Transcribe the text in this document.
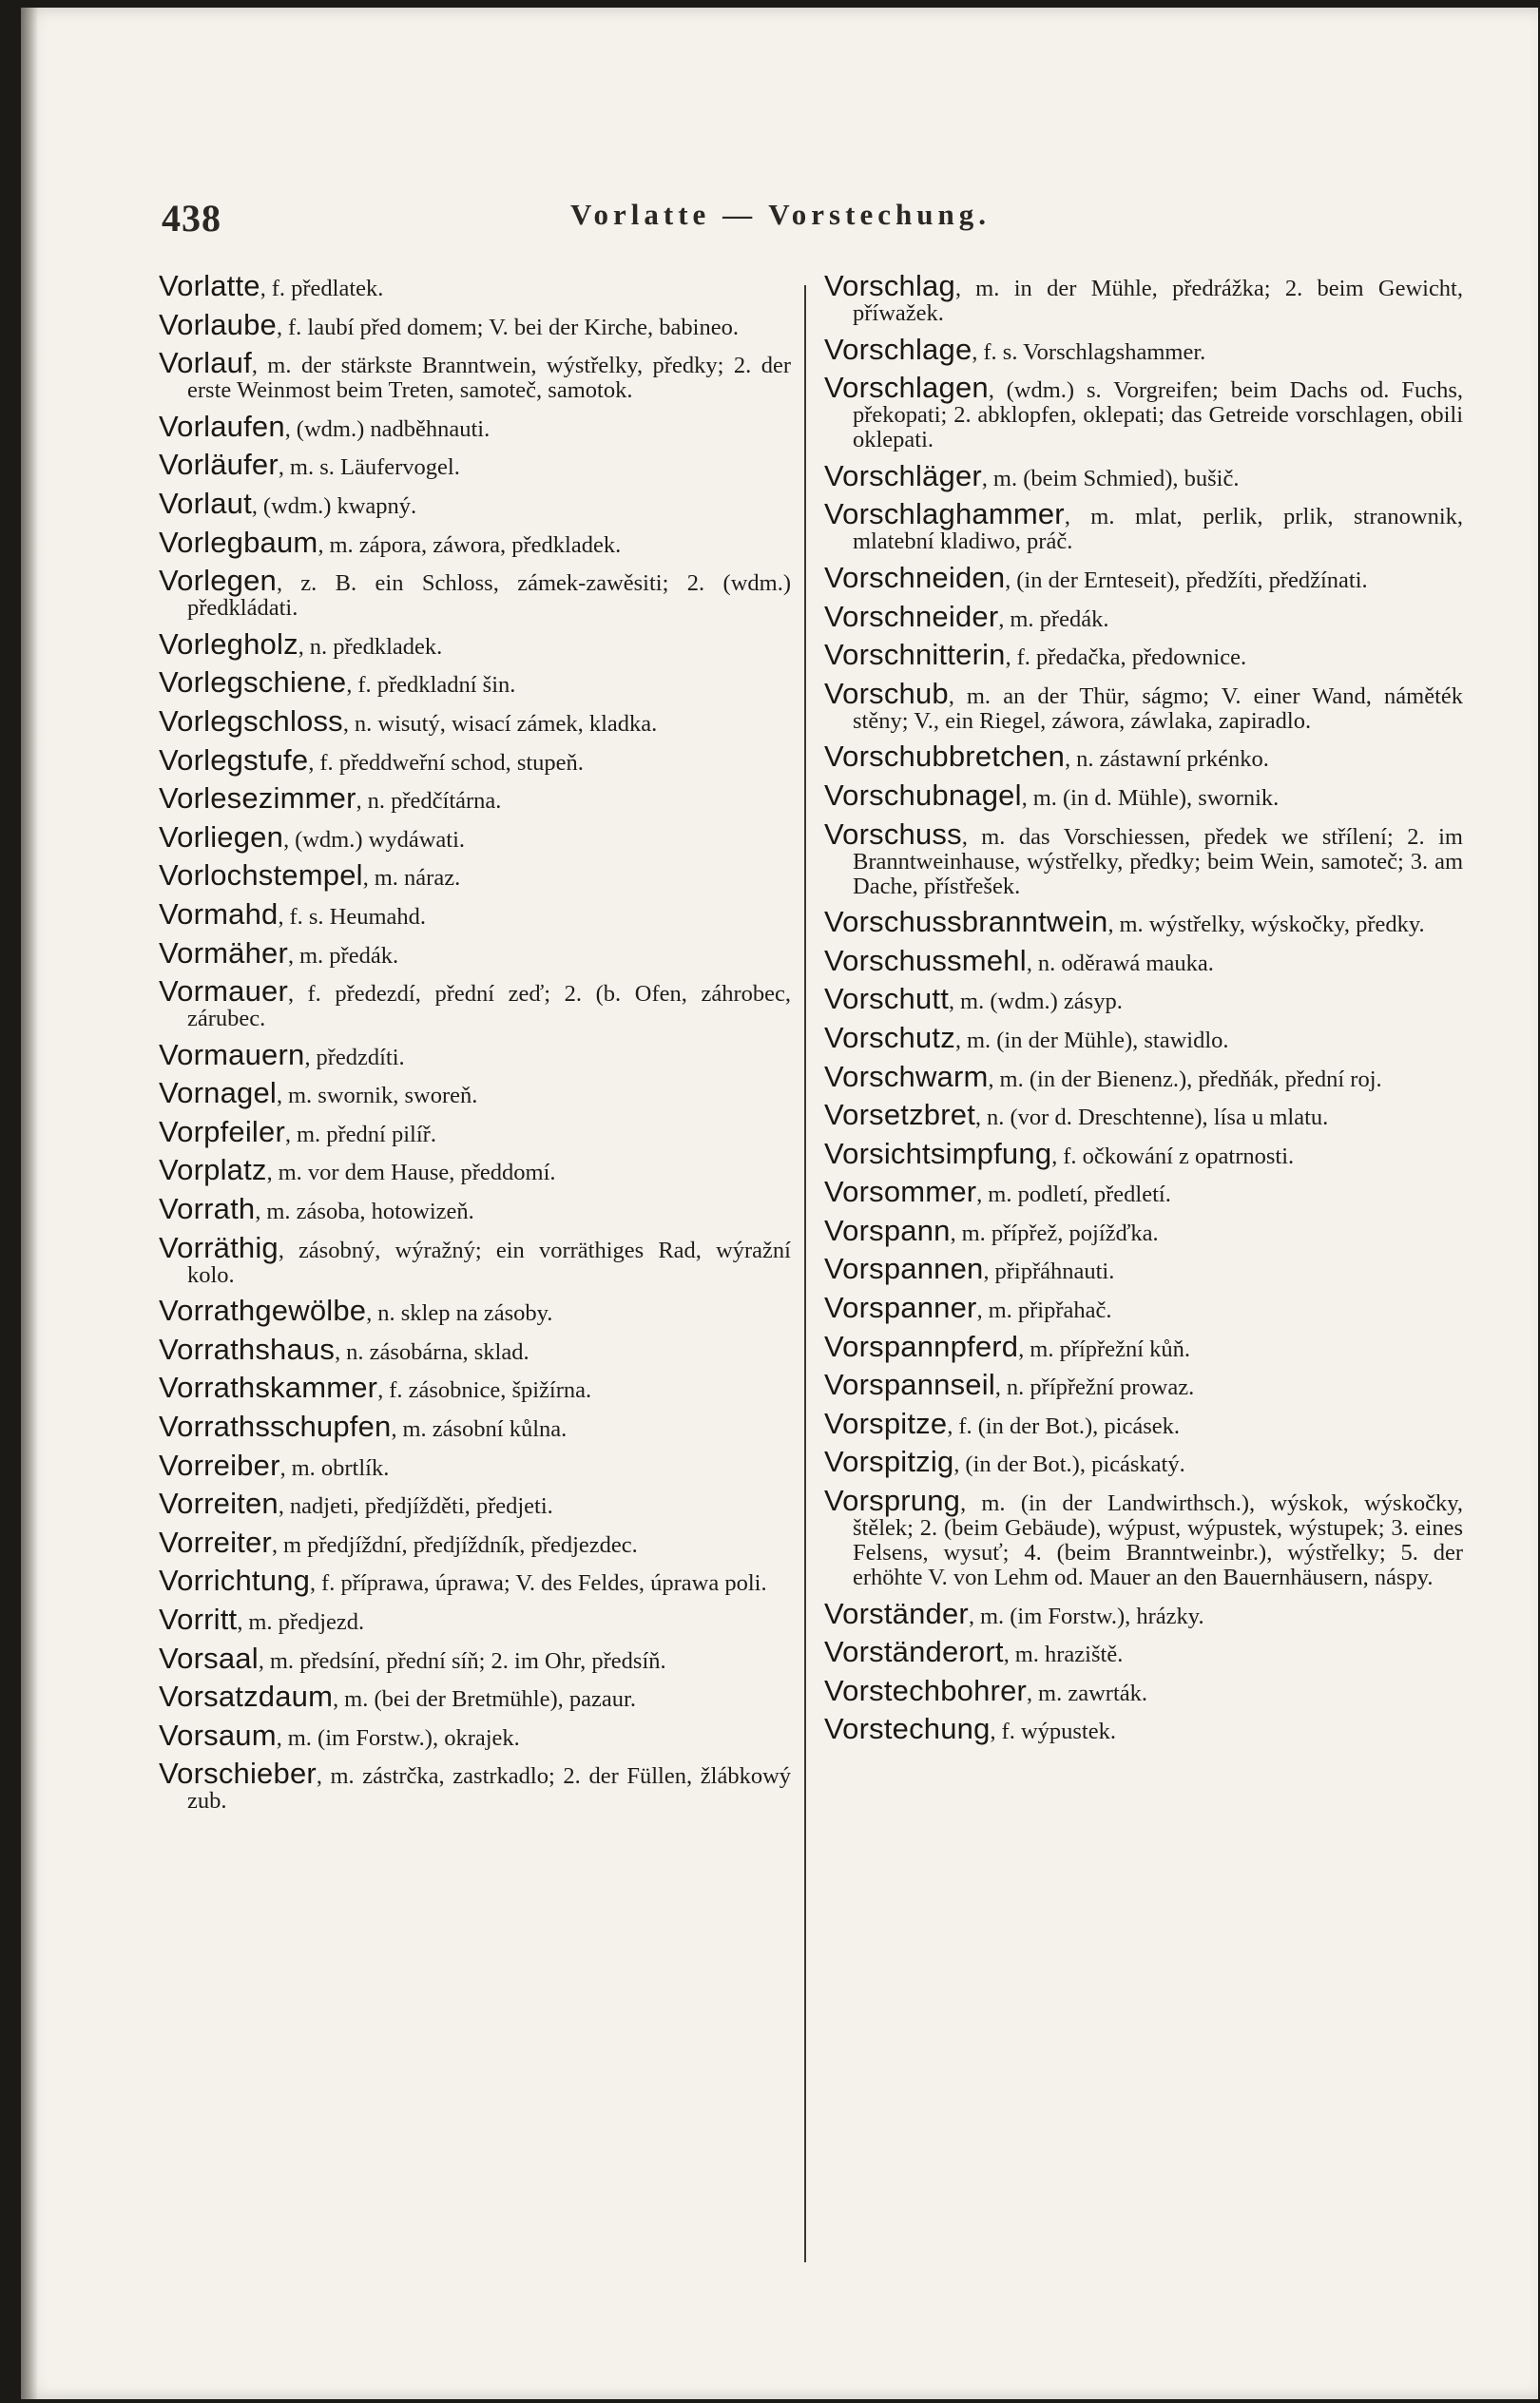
438	Vorlatte — Vorstechung.
Vorlatte, f. předlatek.
Vorlaube, f. laubí před domem; V. bei der Kirche, babineo.
Vorlauf, m. der stärkste Branntwein, wýstřelky, předky; 2. der erste Weinmost beim Treten, samoteč, samotok.
Vorlaufen, (wdm.) nadběhnauti.
Vorläufer, m. s. Läufervogel.
Vorlaut, (wdm.) kwapný.
Vorlegbaum, m. zápora, záwora, předkladek.
Vorlegen, z. B. ein Schloss, zámek-zawěsiti; 2. (wdm.) předkládati.
Vorlegholz, n. předkladek.
Vorlegschiene, f. předkladní šin.
Vorlegschloss, n. wisutý, wisací zámek, kladka.
Vorlegstufe, f. předdweřní schod, stupeň.
Vorlesezimmer, n. předčítárna.
Vorliegen, (wdm.) wydáwati.
Vorlochstempel, m. náraz.
Vormahd, f. s. Heumahd.
Vormäher, m. předák.
Vormauer, f. předezdí, přední zeď; 2. (b. Ofen, záhrobec, zárubec.
Vormauern, předzdíti.
Vornagel, m. swornik, sworeň.
Vorpfeiler, m. přední pilíř.
Vorplatz, m. vor dem Hause, předdomí.
Vorrath, m. zásoba, hotowizeň.
Vorräthig, zásobný, wýražný; ein vorräthiges Rad, wýražní kolo.
Vorrathgewölbe, n. sklep na zásoby.
Vorrathshaus, n. zásobárna, sklad.
Vorrathskammer, f. zásobnice, špižírna.
Vorrathsschupfen, m. zásobní kůlna.
Vorreiber, m. obrtlík.
Vorreiten, nadjeti, předjížděti, předjeti.
Vorreiter, m předjíždní, předjíždník, předjezdec.
Vorrichtung, f. příprawa, úprawa; V. des Feldes, úprawa poli.
Vorritt, m. předjezd.
Vorsaal, m. předsíní, přední síň; 2. im Ohr, předsíň.
Vorsatzdaum, m. (bei der Bretmühle), pazaur.
Vorsaum, m. (im Forstw.), okrajek.
Vorschieber, m. zástrčka, zastrkadlo; 2. der Füllen, žlábkowý zub.
Vorschlag, m. in der Mühle, předrážka; 2. beim Gewicht, příwažek.
Vorschlage, f. s. Vorschlagshammer.
Vorschlagen, (wdm.) s. Vorgreifen; beim Dachs od. Fuchs, překopati; 2. abklopfen, oklepati; das Getreide vorschlagen, obili oklepati.
Vorschläger, m. (beim Schmied), bušič.
Vorschlaghammer, m. mlat, perlik, prlik, stranownik, mlatební kladiwo, práč.
Vorschneiden, (in der Ernteseit), předžíti, předžínati.
Vorschneider, m. předák.
Vorschnitterin, f. předačka, předownice.
Vorschub, m. an der Thür, ságmo; V. einer Wand, náměték stěny; V., ein Riegel, záwora, záwlaka, zapiradlo.
Vorschubbretchen, n. zástawní prkénko.
Vorschubnagel, m. (in d. Mühle), swornik.
Vorschuss, m. das Vorschiessen, předek we střílení; 2. im Branntweinhause, wýstřelky, předky; beim Wein, samoteč; 3. am Dache, přístřešek.
Vorschussbranntwein, m. wýstřelky, wýskočky, předky.
Vorschussmehl, n. oděrawá mauka.
Vorschutt, m. (wdm.) zásyp.
Vorschutz, m. (in der Mühle), stawidlo.
Vorschwarm, m. (in der Bienenz.), předňák, přední roj.
Vorsetzbret, n. (vor d. Dreschtenne), lísa u mlatu.
Vorsichtsimpfung, f. očkowání z opatrnosti.
Vorsommer, m. podletí, předletí.
Vorspann, m. přípřež, pojížďka.
Vorspannen, připřáhnauti.
Vorspanner, m. připřahač.
Vorspannpferd, m. přípřežní kůň.
Vorspannseil, n. přípřežní prowaz.
Vorspitze, f. (in der Bot.), picásek.
Vorspitzig, (in der Bot.), picáskatý.
Vorsprung, m. (in der Landwirthsch.), wýskok, wýskočky, štělek; 2. (beim Gebäude), wýpust, wýpustek, wýstupek; 3. eines Felsens, wysuť; 4. (beim Branntweinbr.), wýstřelky; 5. der erhöhte V. von Lehm od. Mauer an den Bauernhäusern, náspy.
Vorständer, m. (im Forstw.), hrázky.
Vorständerort, m. hraziště.
Vorstechbohrer, m. zawrták.
Vorstechung, f. wýpustek.
